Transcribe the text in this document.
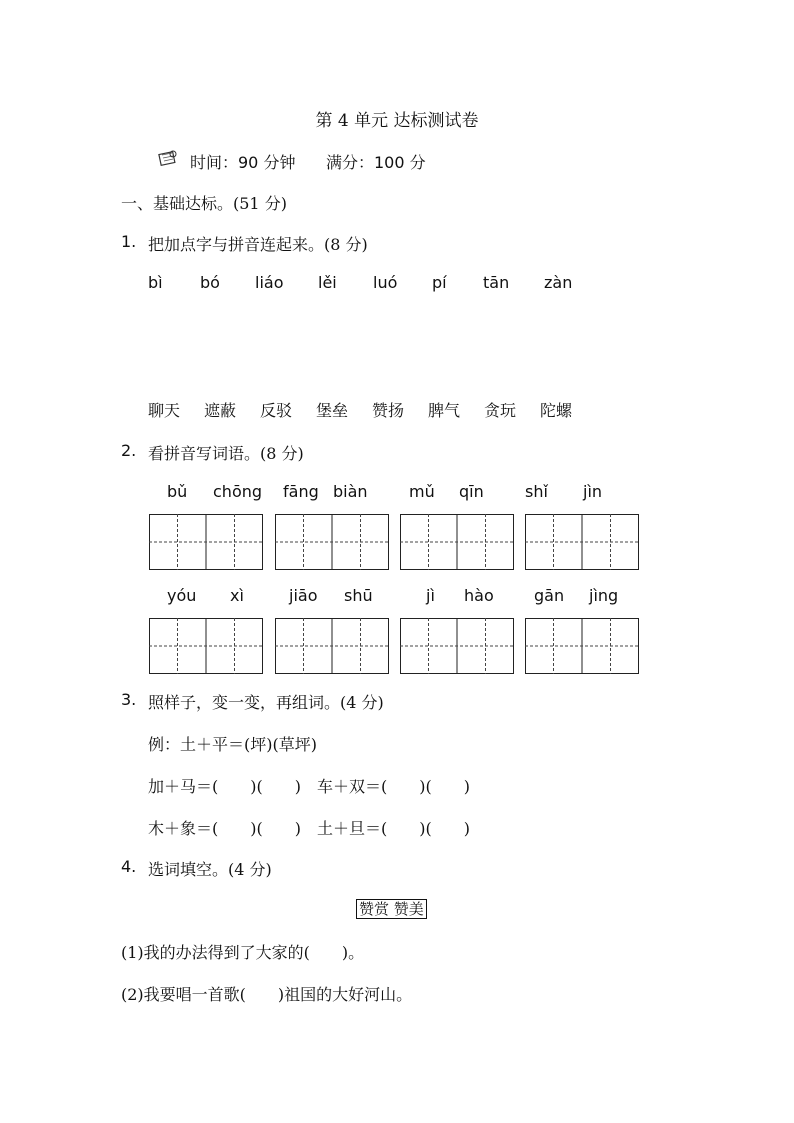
第 4 单元 达标测试卷
时间：90 分钟 满分：100 分
一、基础达标。(51 分)
1. 把加点字与拼音连起来。(8 分)
bì bó liáo lěi luó pí tān zàn
聊天 遮蔽 反驳 堡垒 赞扬 脾气 贪玩 陀螺
2. 看拼音写词语。(8 分)
bǔ chōng fāng biàn	mǔ qīn	shǐ jìn
yóu xì	jiāo shū	jì hào	gān jìng
3. 照样子，变一变，再组词。(4 分)
例：土＋平＝(坪)(草坪)
加＋马＝(　　)(　　)　车＋双＝(　　)(　　)
木＋象＝(　　)(　　)　土＋旦＝(　　)(　　)
4. 选词填空。(4 分)
赞赏 赞美
(1)我的办法得到了大家的(　　)。
(2)我要唱一首歌(　　)祖国的大好河山。
